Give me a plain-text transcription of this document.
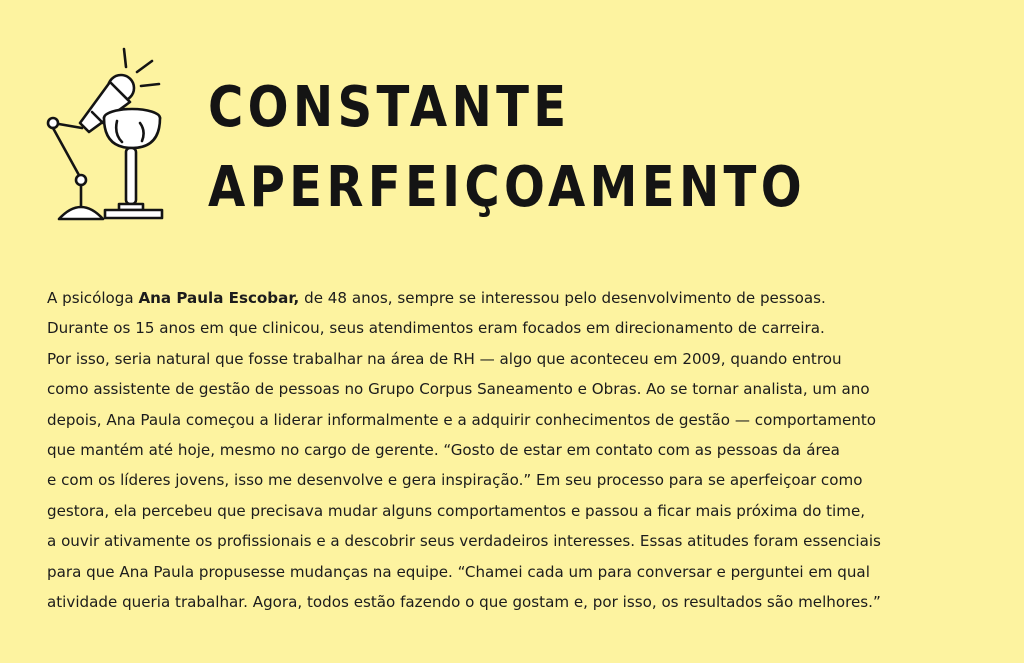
CONSTANTE
APERFEIÇOAMENTO

A psicóloga Ana Paula Escobar, de 48 anos, sempre se interessou pelo desenvolvimento de pessoas.
Durante os 15 anos em que clinicou, seus atendimentos eram focados em direcionamento de carreira.
Por isso, seria natural que fosse trabalhar na área de RH — algo que aconteceu em 2009, quando entrou
como assistente de gestão de pessoas no Grupo Corpus Saneamento e Obras. Ao se tornar analista, um ano
depois, Ana Paula começou a liderar informalmente e a adquirir conhecimentos de gestão — comportamento
que mantém até hoje, mesmo no cargo de gerente. “Gosto de estar em contato com as pessoas da área
e com os líderes jovens, isso me desenvolve e gera inspiração.” Em seu processo para se aperfeiçoar como
gestora, ela percebeu que precisava mudar alguns comportamentos e passou a ficar mais próxima do time,
a ouvir ativamente os profissionais e a descobrir seus verdadeiros interesses. Essas atitudes foram essenciais
para que Ana Paula propusesse mudanças na equipe. “Chamei cada um para conversar e perguntei em qual
atividade queria trabalhar. Agora, todos estão fazendo o que gostam e, por isso, os resultados são melhores.”
